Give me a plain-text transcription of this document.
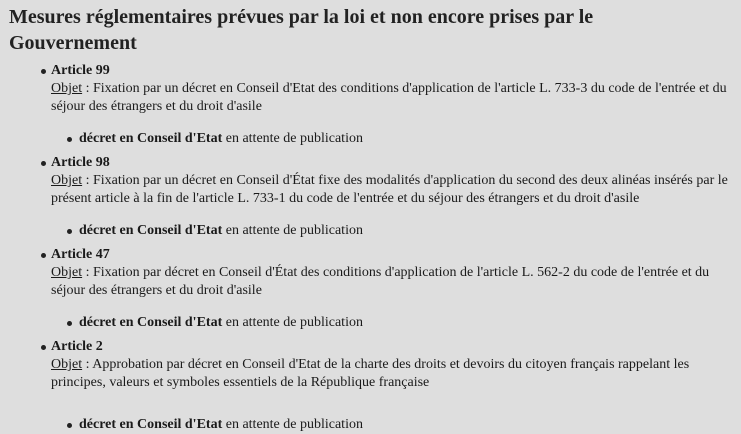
Mesures réglementaires prévues par la loi et non encore prises par le Gouvernement
Article 99
Objet : Fixation par un décret en Conseil d'Etat des conditions d'application de l'article L. 733-3 du code de l'entrée et du séjour des étrangers et du droit d'asile
décret en Conseil d'Etat en attente de publication
Article 98
Objet : Fixation par un décret en Conseil d'État fixe des modalités d'application du second des deux alinéas insérés par le présent article à la fin de l'article L. 733-1 du code de l'entrée et du séjour des étrangers et du droit d'asile
décret en Conseil d'Etat en attente de publication
Article 47
Objet : Fixation par décret en Conseil d'État des conditions d'application de l'article L. 562-2 du code de l'entrée et du séjour des étrangers et du droit d'asile
décret en Conseil d'Etat en attente de publication
Article 2
Objet : Approbation par décret en Conseil d'Etat de la charte des droits et devoirs du citoyen français rappelant les principes, valeurs et symboles essentiels de la République française
décret en Conseil d'Etat en attente de publication
